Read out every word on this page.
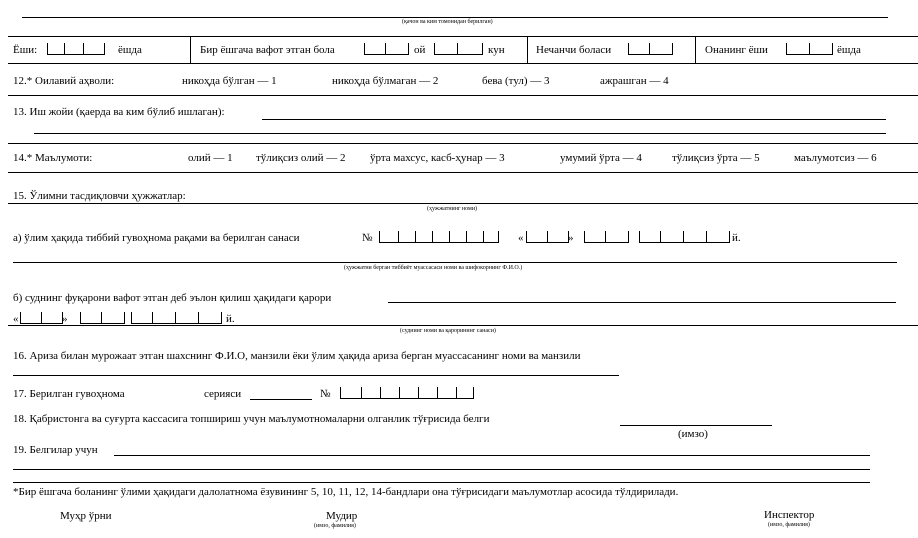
(қачон ва ким томонидан берилган)
Ёши:	ёшда	Бир ёшгача вафот этган бола	ой	кун	Нечанчи боласи	Онанинг ёши	ёшда
12.* Оилавий аҳволи:	никоҳда бўлган — 1	никоҳда бўлмаган — 2	бева (тул) — 3	ажрашган — 4
13. Иш жойи (қаерда ва ким бўлиб ишлаган):
14.* Маълумоти:	олий — 1 тўлиқсиз олий — 2 ўрта махсус, касб-ҳунар — 3	умумий ўрта — 4	тўлиқсиз ўрта — 5	маълумотсиз — 6
15. Ўлимни тасдиқловчи ҳужжатлар:
(ҳужжатнинг номи)
а) ўлим ҳақида тиббий гувоҳнома рақами ва берилган санаси	№	«	»	й.
(ҳужжатни берган тиббиёт муассасаси номи ва шифокорнинг Ф.И.О.)
б) суднинг фуқарони вафот этган деб эълон қилиш ҳақидаги қарори
«	»	й.
(суднинг номи ва қарорининг санаси)
16. Ариза билан мурожаат этган шахснинг Ф.И.О, манзили ёки ўлим ҳақида ариза берган муассасанинг номи ва манзили
17. Берилган гувоҳнома	серияси	№
18. Қабристонга ва суғурта кассасига топшириш учун маълумотномаларни олганлик тўғрисида белги
(имзо)
19. Белгилар учун
*Бир ёшгача боланинг ўлими ҳақидаги далолатнома ёзувининг 5, 10, 11, 12, 14-бандлари она тўғрисидаги маълумотлар асосида тўлдирилади.
Муҳр ўрни	Мудир
(имзо, фамилия)
Инспектор
(имзо, фамилия)
